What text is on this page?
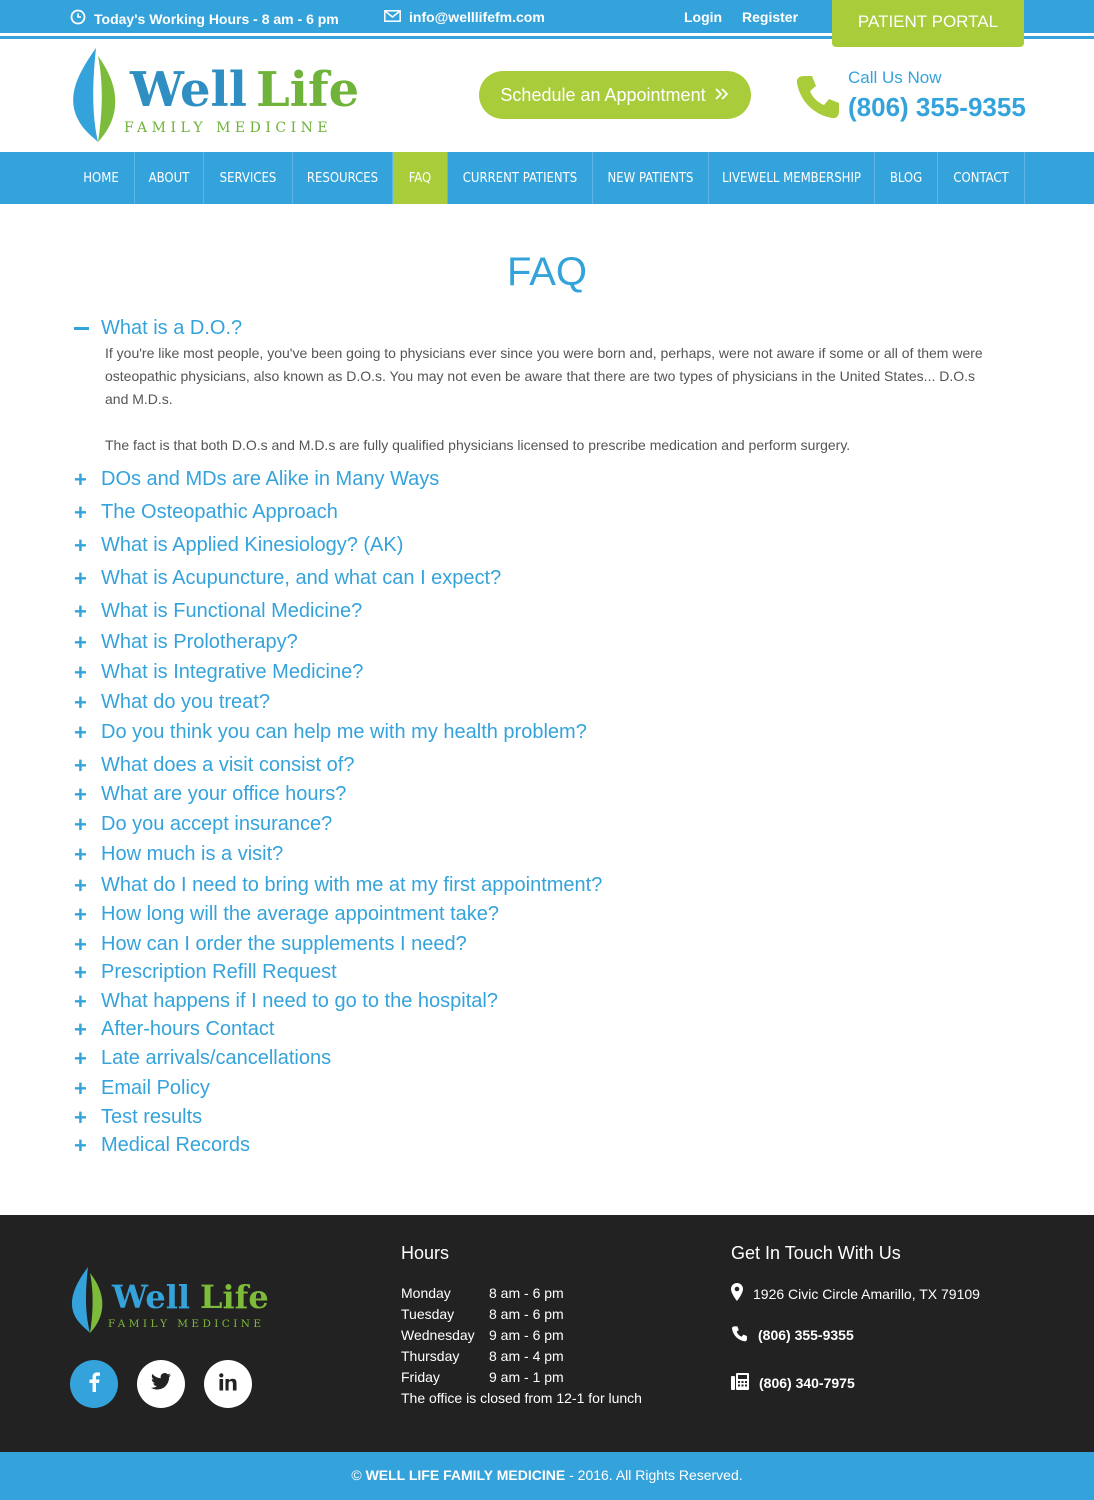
Today's Working Hours - 8 am - 6 pm	info@welllifefm.com	Login Register	PATIENT PORTAL
Well Life
FAMILY MEDICINE
Schedule an Appointment
Call Us Now
(806) 355-9355
HOME	ABOUT	SERVICES	RESOURCES	FAQ	CURRENT PATIENTS	NEW PATIENTS	LIVEWELL MEMBERSHIP	BLOG	CONTACT
FAQ
What is a D.O.?

If you're like most people, you've been going to physicians ever since you were born and, perhaps, were not aware if some or all of them were osteopathic physicians, also known as D.O.s. You may not even be aware that there are two types of physicians in the United States... D.O.s and M.D.s.

The fact is that both D.O.s and M.D.s are fully qualified physicians licensed to prescribe medication and perform surgery.

+ DOs and MDs are Alike in Many Ways
+ The Osteopathic Approach
+ What is Applied Kinesiology? (AK)
+ What is Acupuncture, and what can I expect?
+ What is Functional Medicine?
+ What is Prolotherapy?
+ What is Integrative Medicine?
+ What do you treat?
+ Do you think you can help me with my health problem?
+ What does a visit consist of?
+ What are your office hours?
+ Do you accept insurance?
+ How much is a visit?
+ What do I need to bring with me at my first appointment?
+ How long will the average appointment take?
+ How can I order the supplements I need?
+ Prescription Refill Request
+ What happens if I need to go to the hospital?
+ After-hours Contact
+ Late arrivals/cancellations
+ Email Policy
+ Test results
+ Medical Records
Well Life
FAMILY MEDICINE
Hours
Monday	8 am - 6 pm
Tuesday	8 am - 6 pm
Wednesday	9 am - 6 pm
Thursday	8 am - 4 pm
Friday	9 am - 1 pm
The office is closed from 12-1 for lunch
Get In Touch With Us
1926 Civic Circle Amarillo, TX 79109
(806) 355-9355
(806) 340-7975
© WELL LIFE FAMILY MEDICINE - 2016. All Rights Reserved.
